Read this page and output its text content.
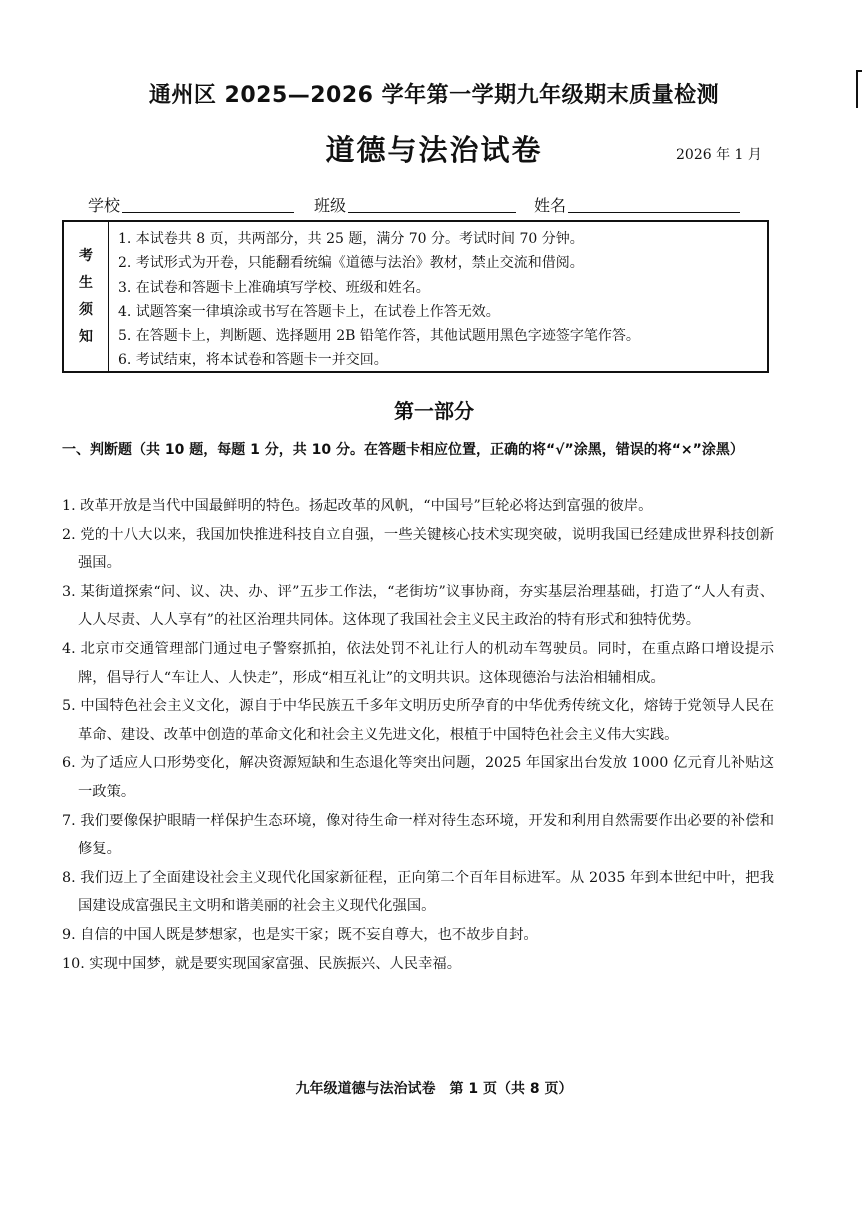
通州区 2025—2026 学年第一学期九年级期末质量检测
道德与法治试卷	2026 年 1 月
学校	班级	姓名
考
生
须
知
1. 本试卷共 8 页，共两部分，共 25 题，满分 70 分。考试时间 70 分钟。
2. 考试形式为开卷，只能翻看统编《道德与法治》教材，禁止交流和借阅。
3. 在试卷和答题卡上准确填写学校、班级和姓名。
4. 试题答案一律填涂或书写在答题卡上，在试卷上作答无效。
5. 在答题卡上，判断题、选择题用 2B 铅笔作答，其他试题用黑色字迹签字笔作答。
6. 考试结束，将本试卷和答题卡一并交回。
第一部分

一、判断题（共 10 题，每题 1 分，共 10 分。在答题卡相应位置，正确的将“√”涂黑，错误的将“×”涂黑）

1. 改革开放是当代中国最鲜明的特色。扬起改革的风帆，“中国号”巨轮必将达到富强的彼岸。
2. 党的十八大以来，我国加快推进科技自立自强，一些关键核心技术实现突破，说明我国已经建成世界科技创新强国。
3. 某街道探索“问、议、决、办、评”五步工作法，“老街坊”议事协商，夯实基层治理基础，打造了“人人有责、人人尽责、人人享有”的社区治理共同体。这体现了我国社会主义民主政治的特有形式和独特优势。
4. 北京市交通管理部门通过电子警察抓拍，依法处罚不礼让行人的机动车驾驶员。同时，在重点路口增设提示牌，倡导行人“车让人、人快走”，形成“相互礼让”的文明共识。这体现德治与法治相辅相成。
5. 中国特色社会主义文化，源自于中华民族五千多年文明历史所孕育的中华优秀传统文化，熔铸于党领导人民在革命、建设、改革中创造的革命文化和社会主义先进文化，根植于中国特色社会主义伟大实践。
6. 为了适应人口形势变化，解决资源短缺和生态退化等突出问题，2025 年国家出台发放 1000 亿元育儿补贴这一政策。
7. 我们要像保护眼睛一样保护生态环境，像对待生命一样对待生态环境，开发和利用自然需要作出必要的补偿和修复。
8. 我们迈上了全面建设社会主义现代化国家新征程，正向第二个百年目标进军。从 2035 年到本世纪中叶，把我国建设成富强民主文明和谐美丽的社会主义现代化强国。
9. 自信的中国人既是梦想家，也是实干家；既不妄自尊大，也不故步自封。
10. 实现中国梦，就是要实现国家富强、民族振兴、人民幸福。
九年级道德与法治试卷　第 1 页（共 8 页）
